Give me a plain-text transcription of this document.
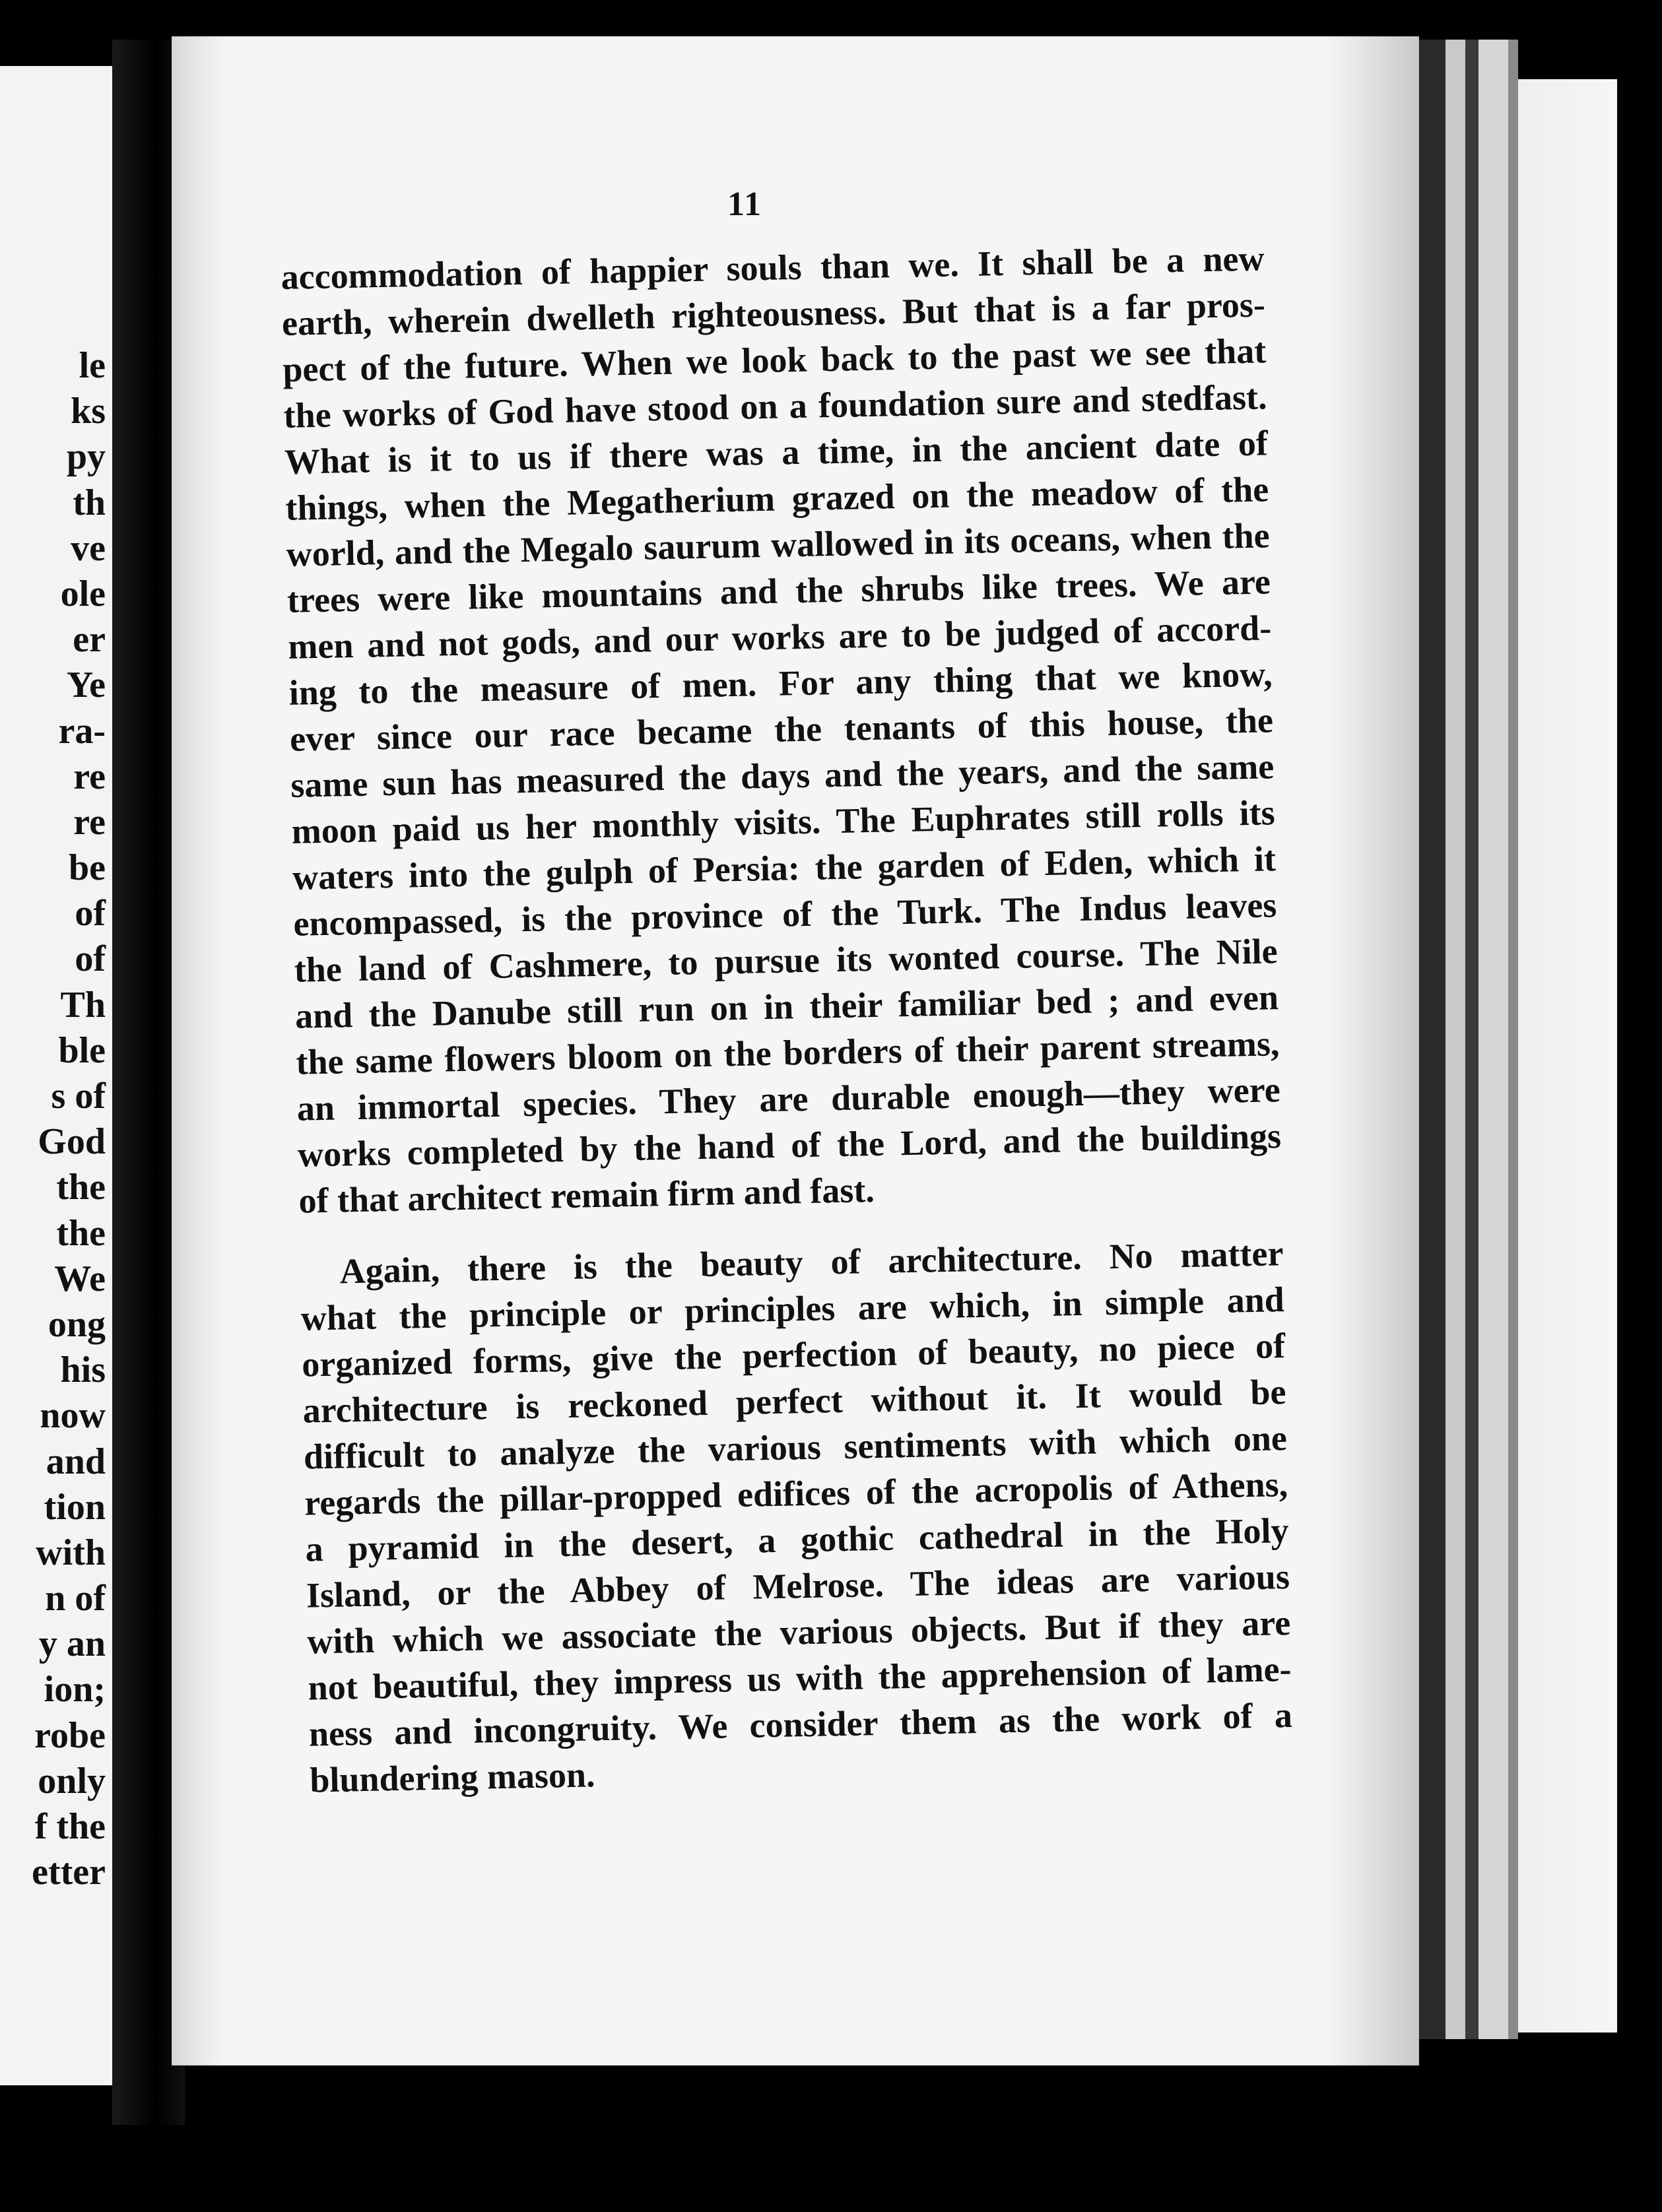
le
ks
py
th
ve
ole
er
Ye
ra-
re
re
be
of
of
Th
ble
s of
God
the
the
We
ong
his
now
and
tion
with
n of
y an
ion;
robe
only
f the
etter
11
accommodation of happier souls than we. It shall be a new
earth, wherein dwelleth righteousness. But that is a far pros-
pect of the future. When we look back to the past we see that
the works of God have stood on a foundation sure and stedfast.
What is it to us if there was a time, in the ancient date of
things, when the Megatherium grazed on the meadow of the
world, and the Megalo saurum wallowed in its oceans, when the
trees were like mountains and the shrubs like trees. We are
men and not gods, and our works are to be judged of accord-
ing to the measure of men. For any thing that we know,
ever since our race became the tenants of this house, the
same sun has measured the days and the years, and the same
moon paid us her monthly visits. The Euphrates still rolls its
waters into the gulph of Persia: the garden of Eden, which it
encompassed, is the province of the Turk. The Indus leaves
the land of Cashmere, to pursue its wonted course. The Nile
and the Danube still run on in their familiar bed ; and even
the same flowers bloom on the borders of their parent streams,
an immortal species. They are durable enough—they were
works completed by the hand of the Lord, and the buildings
of that architect remain firm and fast.
Again, there is the beauty of architecture. No matter
what the principle or principles are which, in simple and
organized forms, give the perfection of beauty, no piece of
architecture is reckoned perfect without it. It would be
difficult to analyze the various sentiments with which one
regards the pillar-propped edifices of the acropolis of Athens,
a pyramid in the desert, a gothic cathedral in the Holy
Island, or the Abbey of Melrose. The ideas are various
with which we associate the various objects. But if they are
not beautiful, they impress us with the apprehension of lame-
ness and incongruity. We consider them as the work of a
blundering mason.
